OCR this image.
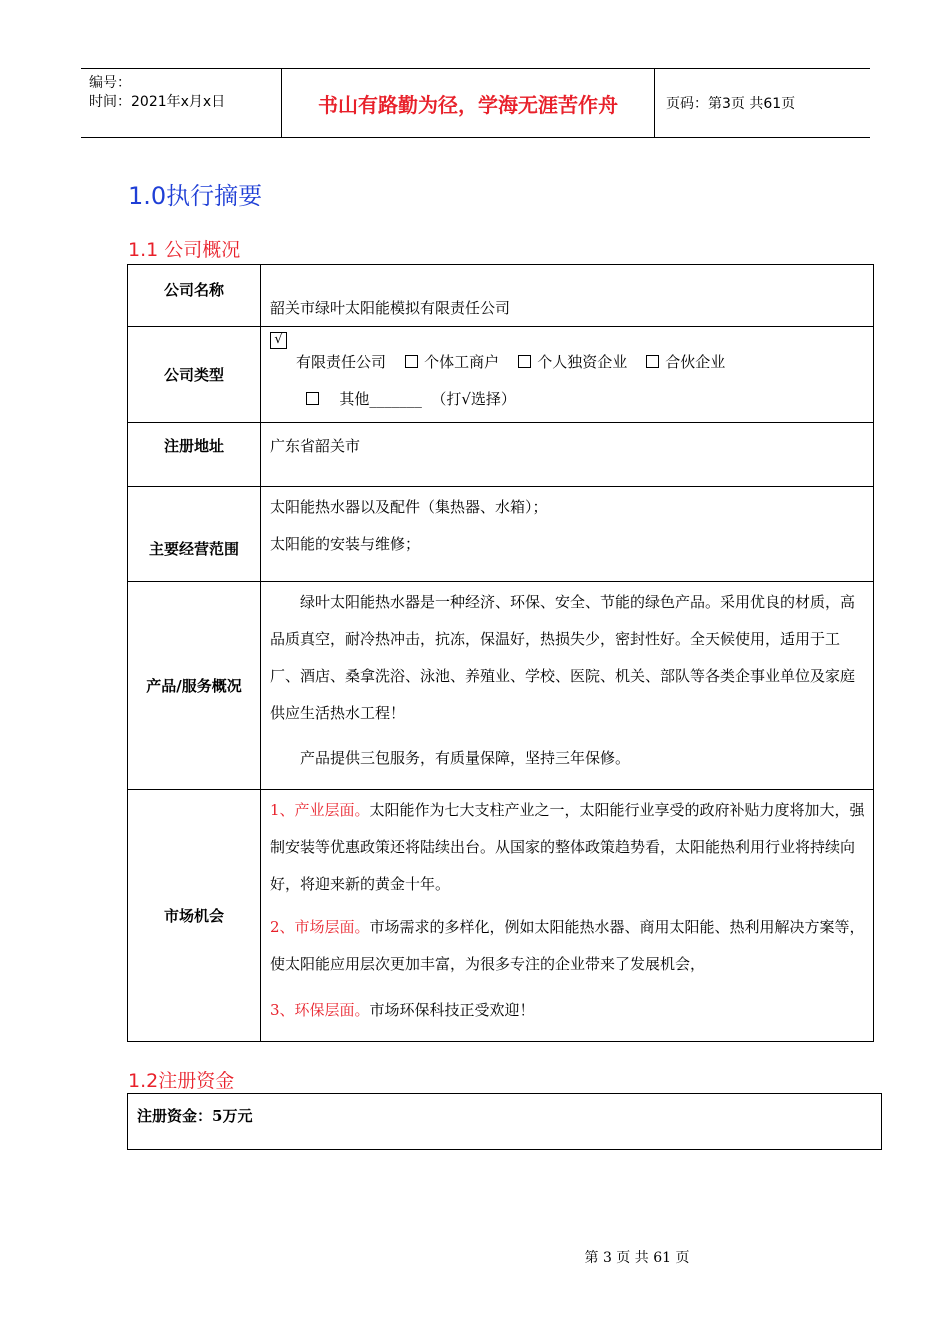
编号：
时间：2021年x月x日	书山有路勤为径，学海无涯苦作舟	页码：第3页 共61页
1.0执行摘要
1.1 公司概况
公司名称	韶关市绿叶太阳能模拟有限责任公司
公司类型	√
有限责任公司 个体工商户 个人独资企业 合伙企业
其他_______ （打√选择）

注册地址	广东省韶关市
主要经营范围	太阳能热水器以及配件（集热器、水箱）；
太阳能的安装与维修；

产品/服务概况	绿叶太阳能热水器是一种经济、环保、安全、节能的绿色产品。采用优良的材质，高品质真空，耐冷热冲击，抗冻，保温好，热损失少，密封性好。全天候使用，适用于工厂、酒店、桑拿洗浴、泳池、养殖业、学校、医院、机关、部队等各类企事业单位及家庭供应生活热水工程！

产品提供三包服务，有质量保障，坚持三年保修。

市场机会	1、产业层面。太阳能作为七大支柱产业之一，太阳能行业享受的政府补贴力度将加大，强制安装等优惠政策还将陆续出台。从国家的整体政策趋势看，太阳能热利用行业将持续向好，将迎来新的黄金十年。

2、市场层面。市场需求的多样化，例如太阳能热水器、商用太阳能、热利用解决方案等，使太阳能应用层次更加丰富，为很多专注的企业带来了发展机会，

3、环保层面。市场环保科技正受欢迎！

1.2注册资金
注册资金：5万元
第 3 页 共 61 页
